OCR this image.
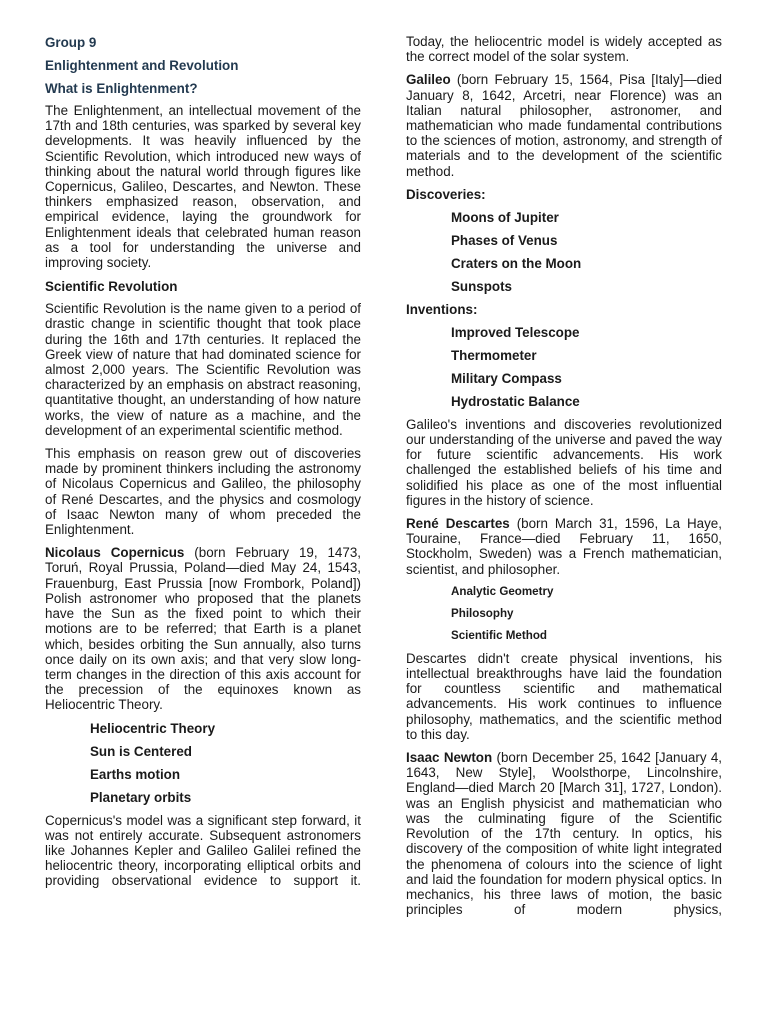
Group 9
Enlightenment and Revolution
What is Enlightenment?

The Enlightenment, an intellectual movement of the 17th and 18th centuries, was sparked by several key developments. It was heavily influenced by the Scientific Revolution, which introduced new ways of thinking about the natural world through figures like Copernicus, Galileo, Descartes, and Newton. These thinkers emphasized reason, observation, and empirical evidence, laying the groundwork for Enlightenment ideals that celebrated human reason as a tool for understanding the universe and improving society.

Scientific Revolution

Scientific Revolution is the name given to a period of drastic change in scientific thought that took place during the 16th and 17th centuries. It replaced the Greek view of nature that had dominated science for almost 2,000 years. The Scientific Revolution was characterized by an emphasis on abstract reasoning, quantitative thought, an understanding of how nature works, the view of nature as a machine, and the development of an experimental scientific method.

This emphasis on reason grew out of discoveries made by prominent thinkers including the astronomy of Nicolaus Copernicus and Galileo, the philosophy of René Descartes, and the physics and cosmology of Isaac Newton many of whom preceded the Enlightenment.

Nicolaus Copernicus (born February 19, 1473, Toruń, Royal Prussia, Poland—died May 24, 1543, Frauenburg, East Prussia [now Frombork, Poland]) Polish astronomer who proposed that the planets have the Sun as the fixed point to which their motions are to be referred; that Earth is a planet which, besides orbiting the Sun annually, also turns once daily on its own axis; and that very slow long-term changes in the direction of this axis account for the precession of the equinoxes known as Heliocentric Theory.

Heliocentric Theory
Sun is Centered
Earths motion
Planetary orbits

Copernicus's model was a significant step forward, it was not entirely accurate. Subsequent astronomers like Johannes Kepler and Galileo Galilei refined the heliocentric theory, incorporating elliptical orbits and providing observational evidence to support it.

Today, the heliocentric model is widely accepted as the correct model of the solar system.

Galileo (born February 15, 1564, Pisa [Italy]—died January 8, 1642, Arcetri, near Florence) was an Italian natural philosopher, astronomer, and mathematician who made fundamental contributions to the sciences of motion, astronomy, and strength of materials and to the development of the scientific method.

Discoveries:
Moons of Jupiter
Phases of Venus
Craters on the Moon
Sunspots
Inventions:
Improved Telescope
Thermometer
Military Compass
Hydrostatic Balance

Galileo's inventions and discoveries revolutionized our understanding of the universe and paved the way for future scientific advancements. His work challenged the established beliefs of his time and solidified his place as one of the most influential figures in the history of science.

René Descartes (born March 31, 1596, La Haye, Touraine, France—died February 11, 1650, Stockholm, Sweden) was a French mathematician, scientist, and philosopher.

Analytic Geometry
Philosophy
Scientific Method

Descartes didn't create physical inventions, his intellectual breakthroughs have laid the foundation for countless scientific and mathematical advancements. His work continues to influence philosophy, mathematics, and the scientific method to this day.

Isaac Newton (born December 25, 1642 [January 4, 1643, New Style], Woolsthorpe, Lincolnshire, England—died March 20 [March 31], 1727, London). was an English physicist and mathematician who was the culminating figure of the Scientific Revolution of the 17th century. In optics, his discovery of the composition of white light integrated the phenomena of colours into the science of light and laid the foundation for modern physical optics. In mechanics, his three laws of motion, the basic principles of modern physics,
